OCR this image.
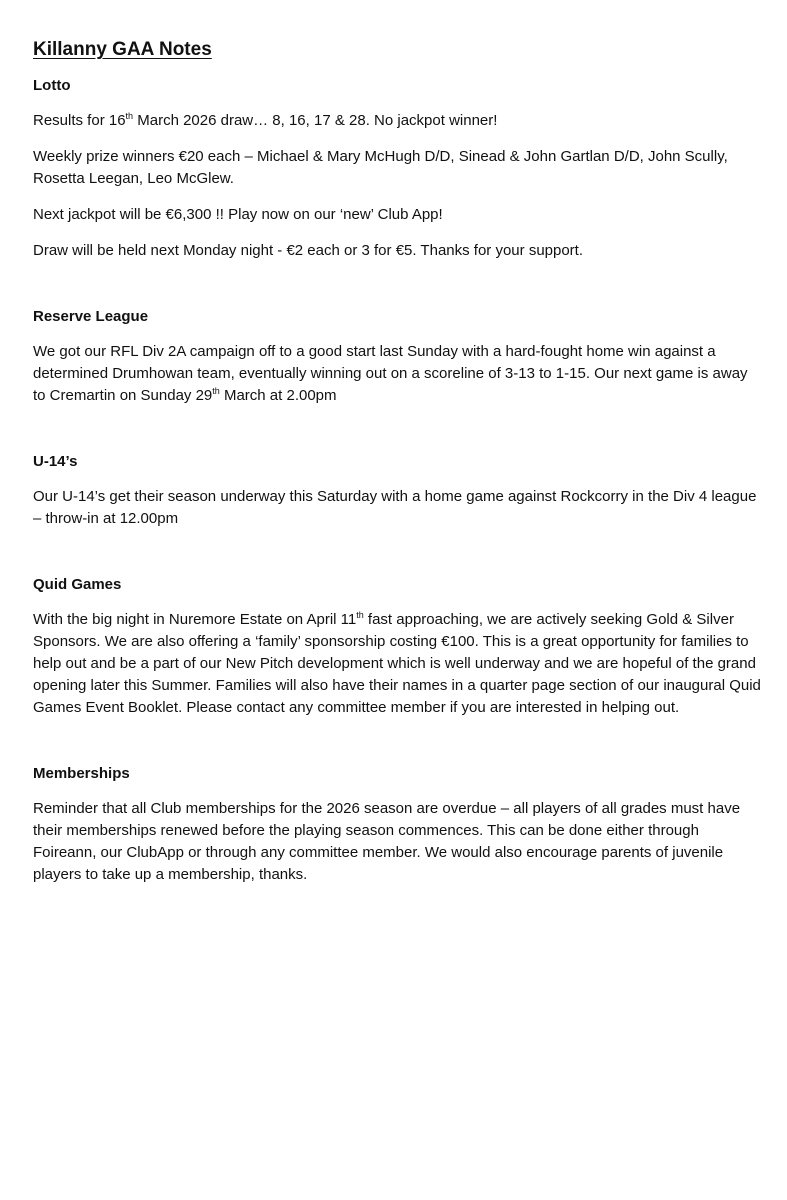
Killanny GAA Notes
Lotto

Results for 16th March 2026 draw… 8, 16, 17 & 28. No jackpot winner!

Weekly prize winners €20 each – Michael & Mary McHugh D/D, Sinead & John Gartlan D/D, John Scully, Rosetta Leegan, Leo McGlew.

Next jackpot will be €6,300 !! Play now on our ‘new’ Club App!

Draw will be held next Monday night - €2 each or 3 for €5. Thanks for your support.

Reserve League

We got our RFL Div 2A campaign off to a good start last Sunday with a hard-fought home win against a determined Drumhowan team, eventually winning out on a scoreline of 3-13 to 1-15. Our next game is away to Cremartin on Sunday 29th March at 2.00pm

U-14’s

Our U-14’s get their season underway this Saturday with a home game against Rockcorry in the Div 4 league – throw-in at 12.00pm

Quid Games

With the big night in Nuremore Estate on April 11th fast approaching, we are actively seeking Gold & Silver Sponsors. We are also offering a ‘family’ sponsorship costing €100. This is a great opportunity for families to help out and be a part of our New Pitch development which is well underway and we are hopeful of the grand opening later this Summer. Families will also have their names in a quarter page section of our inaugural Quid Games Event Booklet. Please contact any committee member if you are interested in helping out.

Memberships

Reminder that all Club memberships for the 2026 season are overdue – all players of all grades must have their memberships renewed before the playing season commences. This can be done either through Foireann, our ClubApp or through any committee member. We would also encourage parents of juvenile players to take up a membership, thanks.
